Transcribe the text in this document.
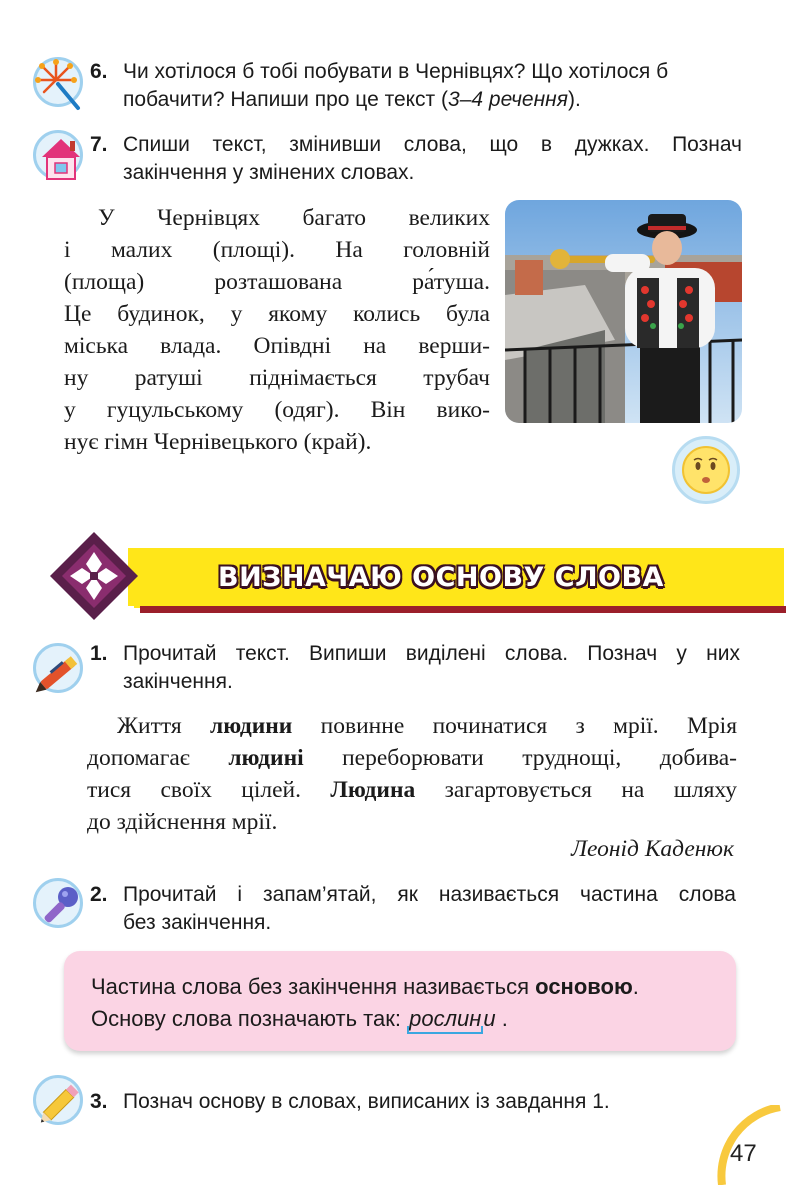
6. Чи хотілося б тобі побувати в Чернівцях? Що хотілося б
побачити? Напиши про це текст (3–4 речення).
7. Спиши текст, змінивши слова, що в дужках. Познач
закінчення у змінених словах.

У Чернівцях багато великих

і малих (площі). На головній

(площа) розташована ра́туша.

Це будинок, у якому колись була

міська влада. Опівдні на верши-

ну ратуші піднімається трубач

у гуцульському (одяг). Він вико-

нує гімн Чернівецького (край).

ВИЗНАЧАЮ ОСНОВУ СЛОВА
1. Прочитай текст. Випиши виділені слова. Познач у них
закінчення.

Життя людини повинне починатися з мрії. Мрія

допомагає людині переборювати труднощі, добива-

тися своїх цілей. Людина загартовується на шляху

до здійснення мрії.

Леонід Каденюк
2. Прочитай і запам’ятай, як називається частина слова
без закінчення.
Частина слова без закінчення називається основою.
Основу слова позначають так: рослини .
3. Познач основу в словах, виписаних із завдання 1.
47
